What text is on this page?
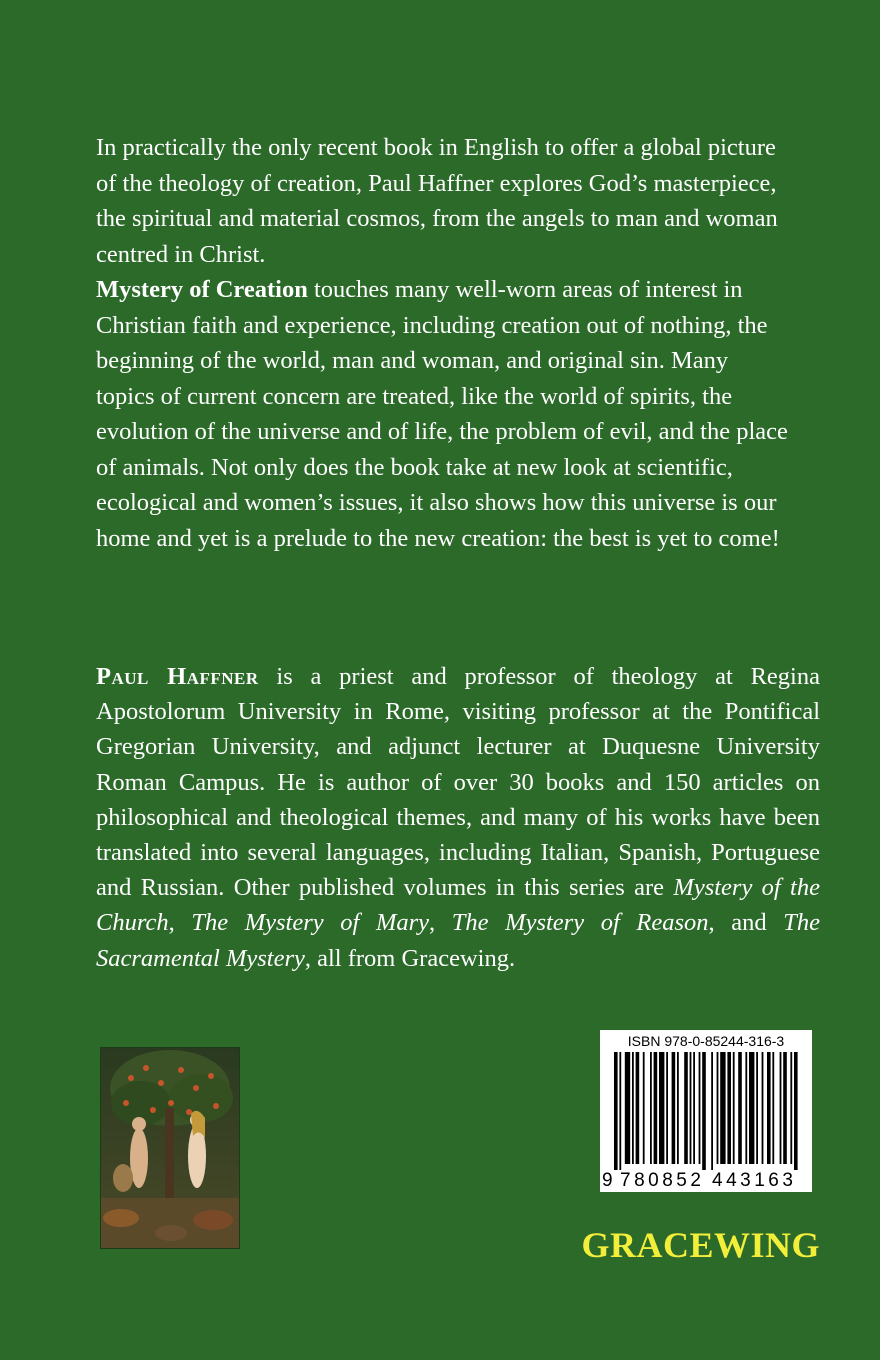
In practically the only recent book in English to offer a global picture

of the theology of creation, Paul Haffner explores God’s masterpiece,

the spiritual and material cosmos, from the angels to man and woman

centred in Christ.

Mystery of Creation touches many well-worn areas of interest in

Christian faith and experience, including creation out of nothing, the

beginning of the world, man and woman, and original sin. Many

topics of current concern are treated, like the world of spirits, the

evolution of the universe and of life, the problem of evil, and the place

of animals. Not only does the book take at new look at scientific,

ecological and women’s issues, it also shows how this universe is our

home and yet is a prelude to the new creation: the best is yet to come!

Paul Haffner is a priest and professor of theology at Regina Apostolorum University in Rome, visiting professor at the Pontifical Gregorian University, and adjunct lecturer at Duquesne University Roman Campus. He is author of over 30 books and 150 articles on philosophical and theological themes, and many of his works have been translated into several languages, including Italian, Spanish, Portuguese and Russian. Other published volumes in this series are Mystery of the Church, The Mystery of Mary, The Mystery of Reason, and The Sacramental Mystery, all from Gracewing.

ISBN 978-0-85244-316-3
9 780852 443163
GRACEWING
